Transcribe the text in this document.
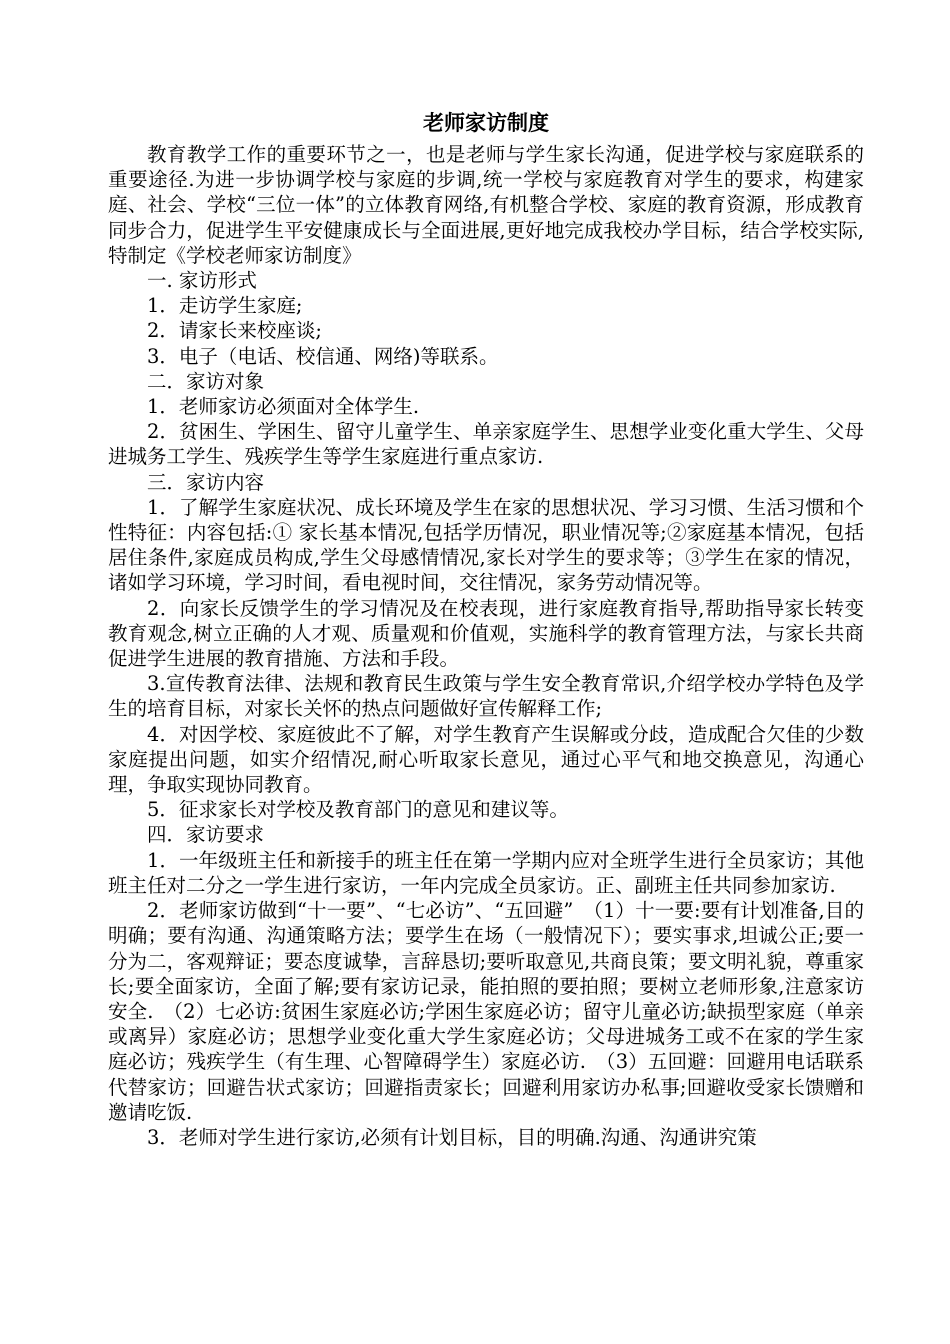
老师家访制度

教育教学工作的重要环节之一，也是老师与学生家长沟通，促进学校与家庭联系的重要途径.为进一步协调学校与家庭的步调,统一学校与家庭教育对学生的要求，构建家庭、社会、学校“三位一体”的立体教育网络,有机整合学校、家庭的教育资源，形成教育同步合力，促进学生平安健康成长与全面进展,更好地完成我校办学目标，结合学校实际,特制定《学校老师家访制度》

一. 家访形式

1．走访学生家庭;

2．请家长来校座谈;

3．电子（电话、校信通、网络)等联系。

二．家访对象

1．老师家访必须面对全体学生.

2．贫困生、学困生、留守儿童学生、单亲家庭学生、思想学业变化重大学生、父母进城务工学生、残疾学生等学生家庭进行重点家访.

三．家访内容

1．了解学生家庭状况、成长环境及学生在家的思想状况、学习习惯、生活习惯和个性特征：内容包括:① 家长基本情况,包括学历情况，职业情况等;②家庭基本情况，包括居住条件,家庭成员构成,学生父母感情情况,家长对学生的要求等；③学生在家的情况，诸如学习环境，学习时间，看电视时间，交往情况，家务劳动情况等。

2．向家长反馈学生的学习情况及在校表现，进行家庭教育指导,帮助指导家长转变教育观念,树立正确的人才观、质量观和价值观，实施科学的教育管理方法，与家长共商促进学生进展的教育措施、方法和手段。

3.宣传教育法律、法规和教育民生政策与学生安全教育常识,介绍学校办学特色及学生的培育目标，对家长关怀的热点问题做好宣传解释工作;

4．对因学校、家庭彼此不了解，对学生教育产生误解或分歧，造成配合欠佳的少数家庭提出问题，如实介绍情况,耐心听取家长意见，通过心平气和地交换意见，沟通心理，争取实现协同教育。

5．征求家长对学校及教育部门的意见和建议等。

四．家访要求

1．一年级班主任和新接手的班主任在第一学期内应对全班学生进行全员家访；其他班主任对二分之一学生进行家访，一年内完成全员家访。正、副班主任共同参加家访.

2．老师家访做到“十一要”、“七必访”、“五回避”　（1）十一要:要有计划准备,目的明确；要有沟通、沟通策略方法；要学生在场（一般情况下）；要实事求,坦诚公正;要一分为二，客观辩证；要态度诚挚，言辞恳切;要听取意见,共商良策；要文明礼貌，尊重家长;要全面家访，全面了解;要有家访记录，能拍照的要拍照；要树立老师形象,注意家访安全.　（2）七必访:贫困生家庭必访;学困生家庭必访；留守儿童必访;缺损型家庭（单亲或离异）家庭必访；思想学业变化重大学生家庭必访；父母进城务工或不在家的学生家庭必访；残疾学生（有生理、心智障碍学生）家庭必访.　（3）五回避：回避用电话联系代替家访；回避告状式家访；回避指责家长；回避利用家访办私事;回避收受家长馈赠和邀请吃饭.

3．老师对学生进行家访,必须有计划目标，目的明确.沟通、沟通讲究策
